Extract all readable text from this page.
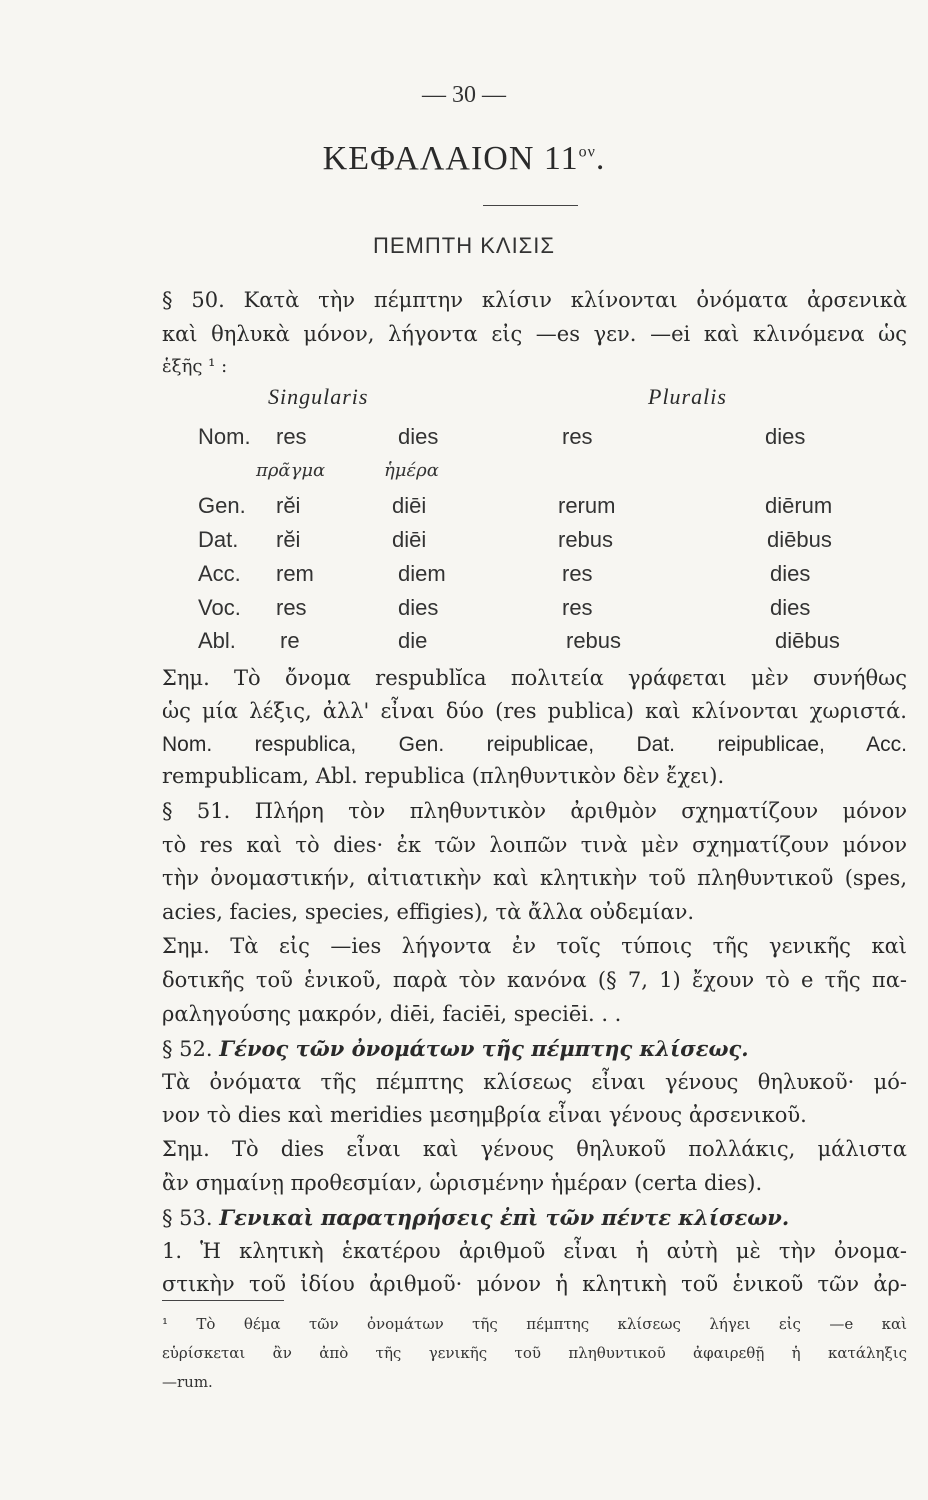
— 30 —
ΚΕΦΑΛΑΙΟΝ $11^{o\nu}$.
ΠΕΜΠΤΗ ΚΛΙΣΙΣ
§ 50. Κατὰ τὴν πέμπτην κλίσιν κλίνονται ὀνόματα ἀρσενικὰ
καὶ θηλυκὰ μόνον, λήγοντα εἰς —es γεν. —ei καὶ κλινόμενα ὡς
ἑξῆς ¹ :
Singularis	Pluralis
Nom. res	dies	res	dies
πρᾶγμα	ἡμέρα
Gen. rĕi	diēi	rerum	diērum
Dat. rĕi	diēi	rebus	diēbus
Acc. rem	diem	res	dies
Voc. res	dies	res	dies
Abl. re	die	rebus	diēbus
Σημ. Τὸ ὄνομα respublĭca πολιτεία γράφεται μὲν συνήθως
ὡς μία λέξις, ἀλλ' εἶναι δύο (res publica) καὶ κλίνονται χωριστά.
Nom. respublica, Gen. reipublicae, Dat. reipublicae, Acc.
rempublicam, Abl. republica (πληθυντικὸν δὲν ἔχει).
§ 51. Πλήρη τὸν πληθυντικὸν ἀριθμὸν σχηματίζουν μόνον
τὸ res καὶ τὸ dies· ἐκ τῶν λοιπῶν τινὰ μὲν σχηματίζουν μόνον
τὴν ὀνομαστικήν, αἰτιατικὴν καὶ κλητικὴν τοῦ πληθυντικοῦ (spes,
acies, facies, species, effigies), τὰ ἄλλα οὐδεμίαν.
Σημ. Τὰ εἰς —ies λήγοντα ἐν τοῖς τύποις τῆς γενικῆς καὶ
δοτικῆς τοῦ ἑνικοῦ, παρὰ τὸν κανόνα (§ 7, 1) ἔχουν τὸ e τῆς πα-
ραληγούσης μακρόν, diēi, faciēi, speciēi. . .
§ 52. Γένος τῶν ὀνομάτων τῆς πέμπτης κλίσεως.
Τὰ ὀνόματα τῆς πέμπτης κλίσεως εἶναι γένους θηλυκοῦ· μό-
νον τὸ dies καὶ meridies μεσημβρία εἶναι γένους ἀρσενικοῦ.
Σημ. Τὸ dies εἶναι καὶ γένους θηλυκοῦ πολλάκις, μάλιστα
ἂν σημαίνῃ προθεσμίαν, ὡρισμένην ἡμέραν (certa dies).
§ 53. Γενικαὶ παρατηρήσεις ἐπὶ τῶν πέντε κλίσεων.
1. Ἡ κλητικὴ ἑκατέρου ἀριθμοῦ εἶναι ἡ αὐτὴ μὲ τὴν ὀνομα-
στικὴν τοῦ ἰδίου ἀριθμοῦ· μόνον ἡ κλητικὴ τοῦ ἑνικοῦ τῶν ἀρ-
¹ Τὸ θέμα τῶν ὀνομάτων τῆς πέμπτης κλίσεως λήγει εἰς —e καὶ
εὑρίσκεται ἂν ἀπὸ τῆς γενικῆς τοῦ πληθυντικοῦ ἀφαιρεθῇ ἡ κατάληξις
—rum.
